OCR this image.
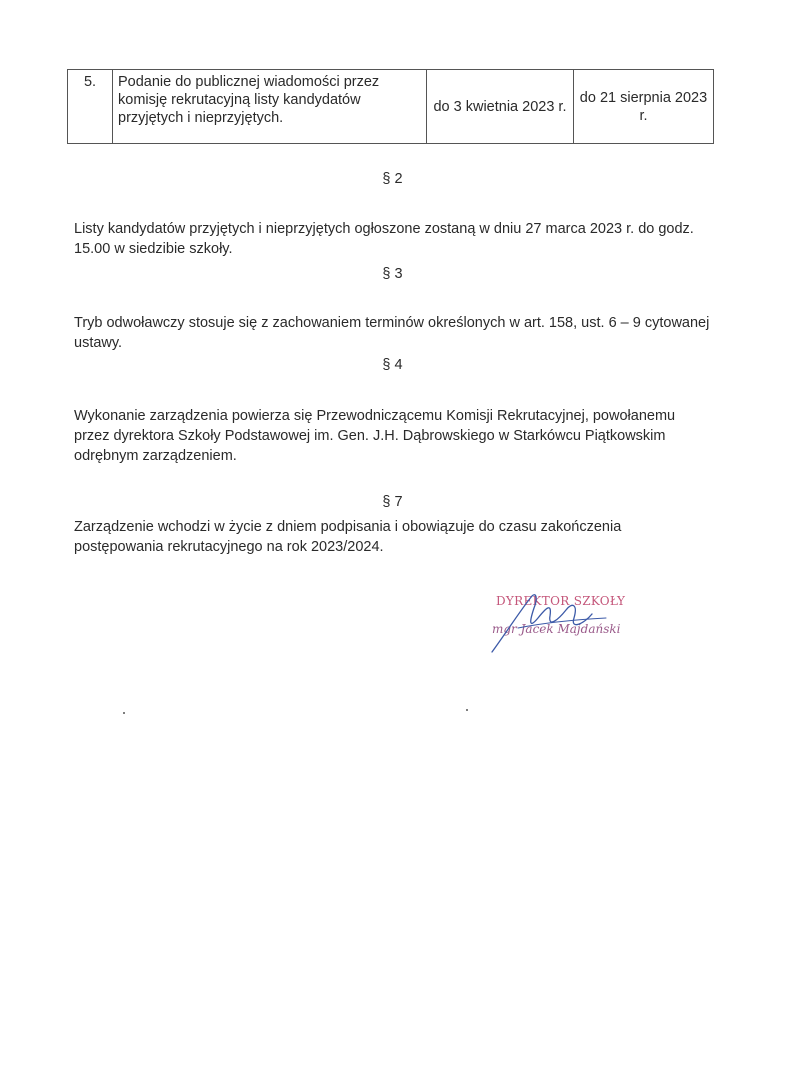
5.	Podanie do publicznej wiadomości przez komisję rekrutacyjną listy kandydatów przyjętych i nieprzyjętych.	do 3 kwietnia 2023 r.	do 21 sierpnia 2023 r.
§ 2
Listy kandydatów przyjętych i nieprzyjętych ogłoszone zostaną w dniu 27 marca 2023 r. do godz. 15.00 w siedzibie szkoły.
§ 3
Tryb odwoławczy stosuje się z zachowaniem terminów określonych w art. 158, ust. 6 – 9 cytowanej ustawy.
§ 4
Wykonanie zarządzenia powierza się Przewodniczącemu Komisji Rekrutacyjnej, powołanemu przez dyrektora Szkoły Podstawowej im. Gen. J.H. Dąbrowskiego w Starkówcu Piątkowskim odrębnym zarządzeniem.
§ 7
Zarządzenie wchodzi w życie z dniem podpisania i obowiązuje do czasu zakończenia postępowania rekrutacyjnego na rok 2023/2024.
DYREKTOR SZKOŁY
mgr Jacek Majdański
